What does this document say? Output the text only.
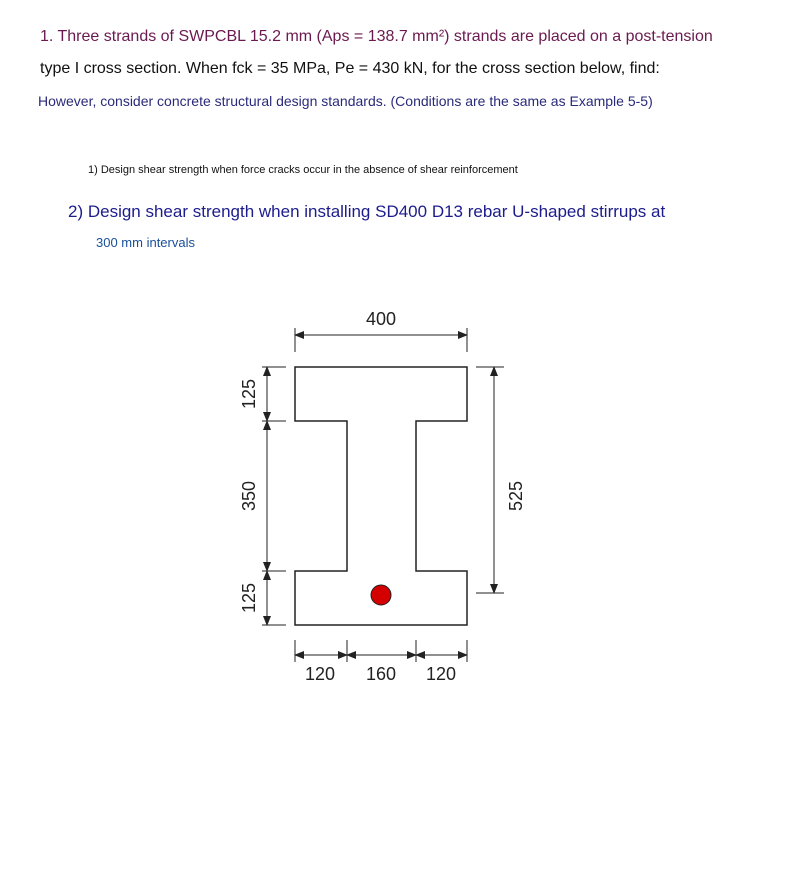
1. Three strands of SWPCBL 15.2 mm (Aps = 138.7 mm²) strands are placed on a post-tension

type I cross section. When fck = 35 MPa, Pe = 430 kN, for the cross section below, find:

However, consider concrete structural design standards. (Conditions are the same as Example 5-5)

1) Design shear strength when force cracks occur in the absence of shear reinforcement

2) Design shear strength when installing SD400 D13 rebar U-shaped stirrups at

300 mm intervals

400
125
350
125
525
120 160 120
